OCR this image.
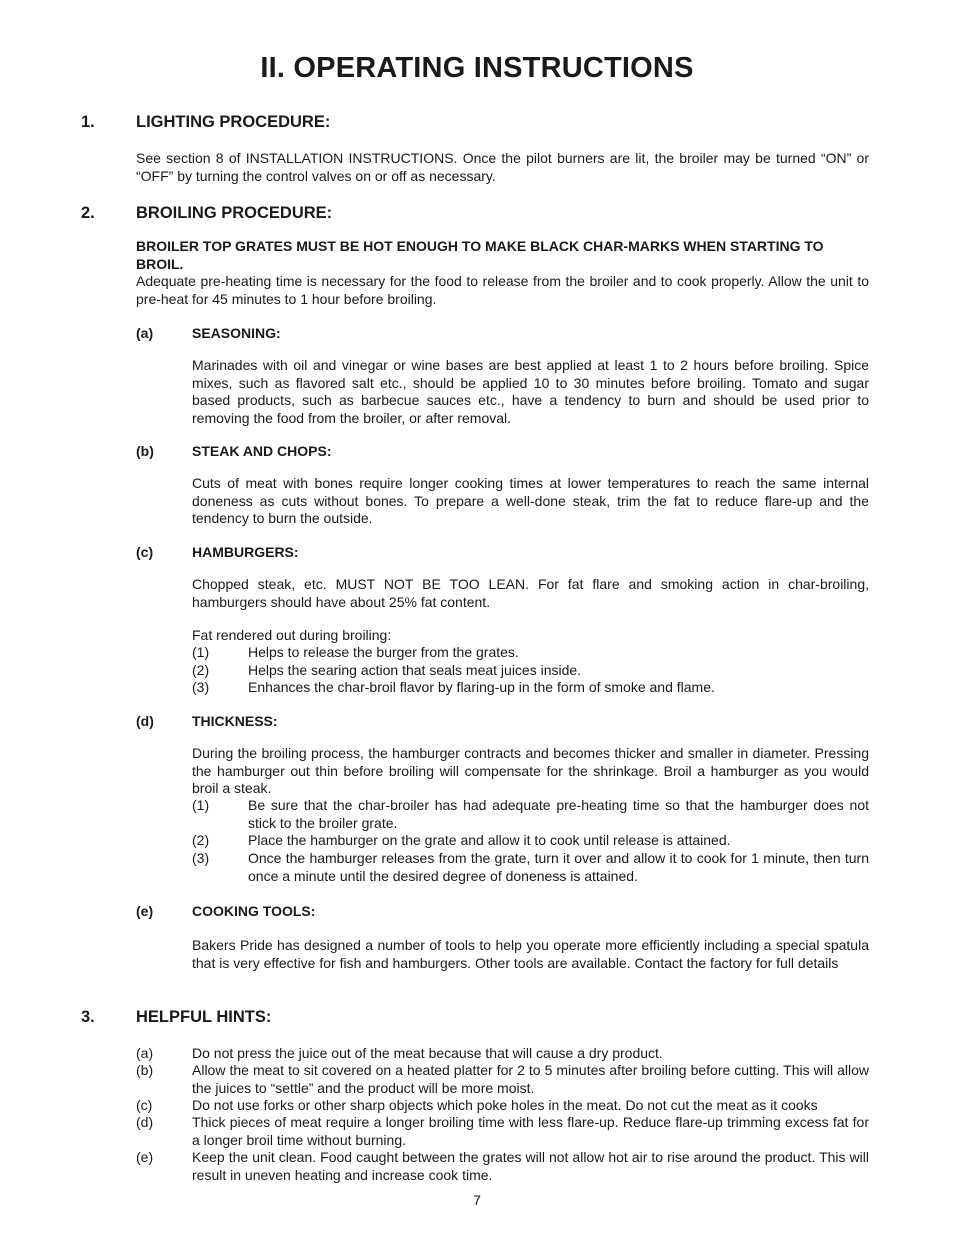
II. OPERATING INSTRUCTIONS
1. LIGHTING PROCEDURE:

See section 8 of INSTALLATION INSTRUCTIONS. Once the pilot burners are lit, the broiler may be turned “ON” or “OFF” by turning the control valves on or off as necessary.

2. BROILING PROCEDURE:

BROILER TOP GRATES MUST BE HOT ENOUGH TO MAKE BLACK CHAR-MARKS WHEN STARTING TO BROIL.

Adequate pre-heating time is necessary for the food to release from the broiler and to cook properly. Allow the unit to pre-heat for 45 minutes to 1 hour before broiling.

(a)	SEASONING:

Marinades with oil and vinegar or wine bases are best applied at least 1 to 2 hours before broiling. Spice mixes, such as flavored salt etc., should be applied 10 to 30 minutes before broiling. Tomato and sugar based products, such as barbecue sauces etc., have a tendency to burn and should be used prior to removing the food from the broiler, or after removal.

(b)	STEAK AND CHOPS:

Cuts of meat with bones require longer cooking times at lower temperatures to reach the same internal doneness as cuts without bones. To prepare a well-done steak, trim the fat to reduce flare-up and the tendency to burn the outside.

(c)	HAMBURGERS:

Chopped steak, etc. MUST NOT BE TOO LEAN. For fat flare and smoking action in char-broiling, hamburgers should have about 25% fat content.

Fat rendered out during broiling:

(1)	Helps to release the burger from the grates.
(2)	Helps the searing action that seals meat juices inside.
(3)	Enhances the char-broil flavor by flaring-up in the form of smoke and flame.
(d)	THICKNESS:

During the broiling process, the hamburger contracts and becomes thicker and smaller in diameter. Pressing the hamburger out thin before broiling will compensate for the shrinkage. Broil a hamburger as you would broil a steak.

(1)	Be sure that the char-broiler has had adequate pre-heating time so that the hamburger does not stick to the broiler grate.
(2)	Place the hamburger on the grate and allow it to cook until release is attained.
(3)	Once the hamburger releases from the grate, turn it over and allow it to cook for 1 minute, then turn once a minute until the desired degree of doneness is attained.
(e)	COOKING TOOLS:

Bakers Pride has designed a number of tools to help you operate more efficiently including a special spatula that is very effective for fish and hamburgers. Other tools are available. Contact the factory for full details

3. HELPFUL HINTS:
(a)	Do not press the juice out of the meat because that will cause a dry product.
(b)	Allow the meat to sit covered on a heated platter for 2 to 5 minutes after broiling before cutting. This will allow the juices to “settle” and the product will be more moist.
(c)	Do not use forks or other sharp objects which poke holes in the meat. Do not cut the meat as it cooks
(d)	Thick pieces of meat require a longer broiling time with less flare-up. Reduce flare-up trimming excess fat for a longer broil time without burning.
(e)	Keep the unit clean. Food caught between the grates will not allow hot air to rise around the product. This will result in uneven heating and increase cook time.
7
